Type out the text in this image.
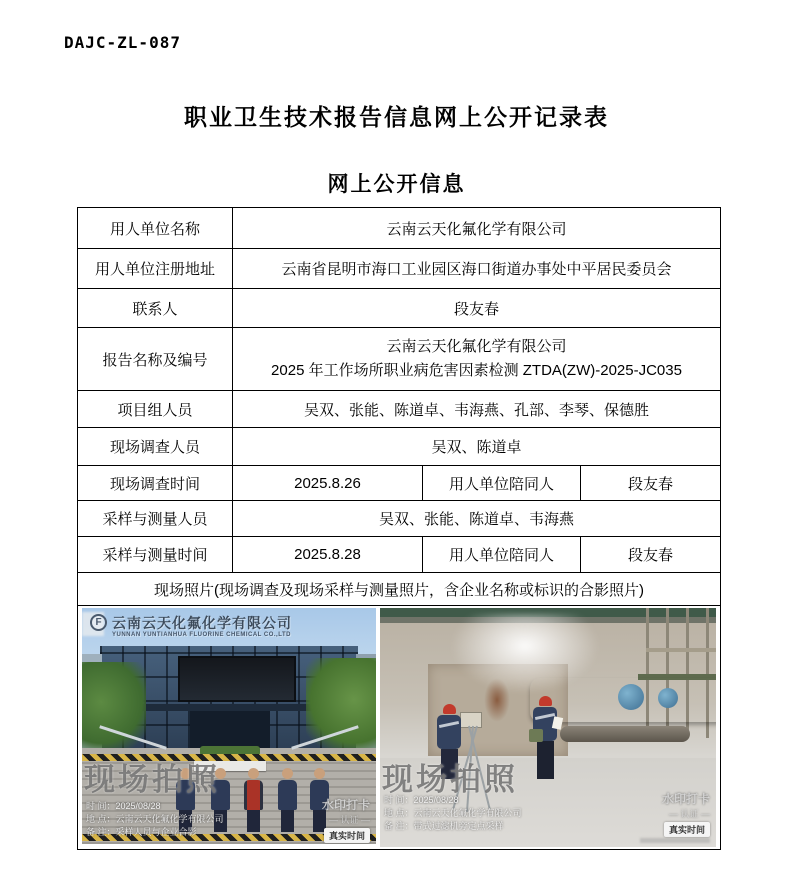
DAJC-ZL-087
职业卫生技术报告信息网上公开记录表
网上公开信息
用人单位名称	云南云天化氟化学有限公司		
用人单位注册地址	云南省昆明市海口工业园区海口街道办事处中平居民委员会		
联系人	段友春		
报告名称及编号	云南云天化氟化学有限公司
2025 年工作场所职业病危害因素检测 ZTDA(ZW)-2025-JC035		

项目组人员	吴双、张能、陈道卓、韦海燕、孔部、李琴、保德胜		
现场调查人员	吴双、陈道卓		
现场调查时间	2025.8.26	用人单位陪同人	段友春
采样与测量人员	吴双、张能、陈道卓、韦海燕		
采样与测量时间	2025.8.28	用人单位陪同人	段友春
现场照片(现场调查及现场采样与测量照片，含企业名称或标识的合影照片)			

F 云南云天化氟化学有限公司
YUNNAN YUNTIANHUA FLUORINE CHEMICAL CO.,LTD
现场拍照
时 间：2025/08/28
地 点：云南云天化氟化学有限公司
备 注：采样人员与企业合影
水印打卡
— 认证 —
真实时间
现场拍照
时 间：2025/08/28
地 点：云南云天化氟化学有限公司
备 注：带式过滤机旁定点采样
水印打卡
— 认证 —
真实时间
